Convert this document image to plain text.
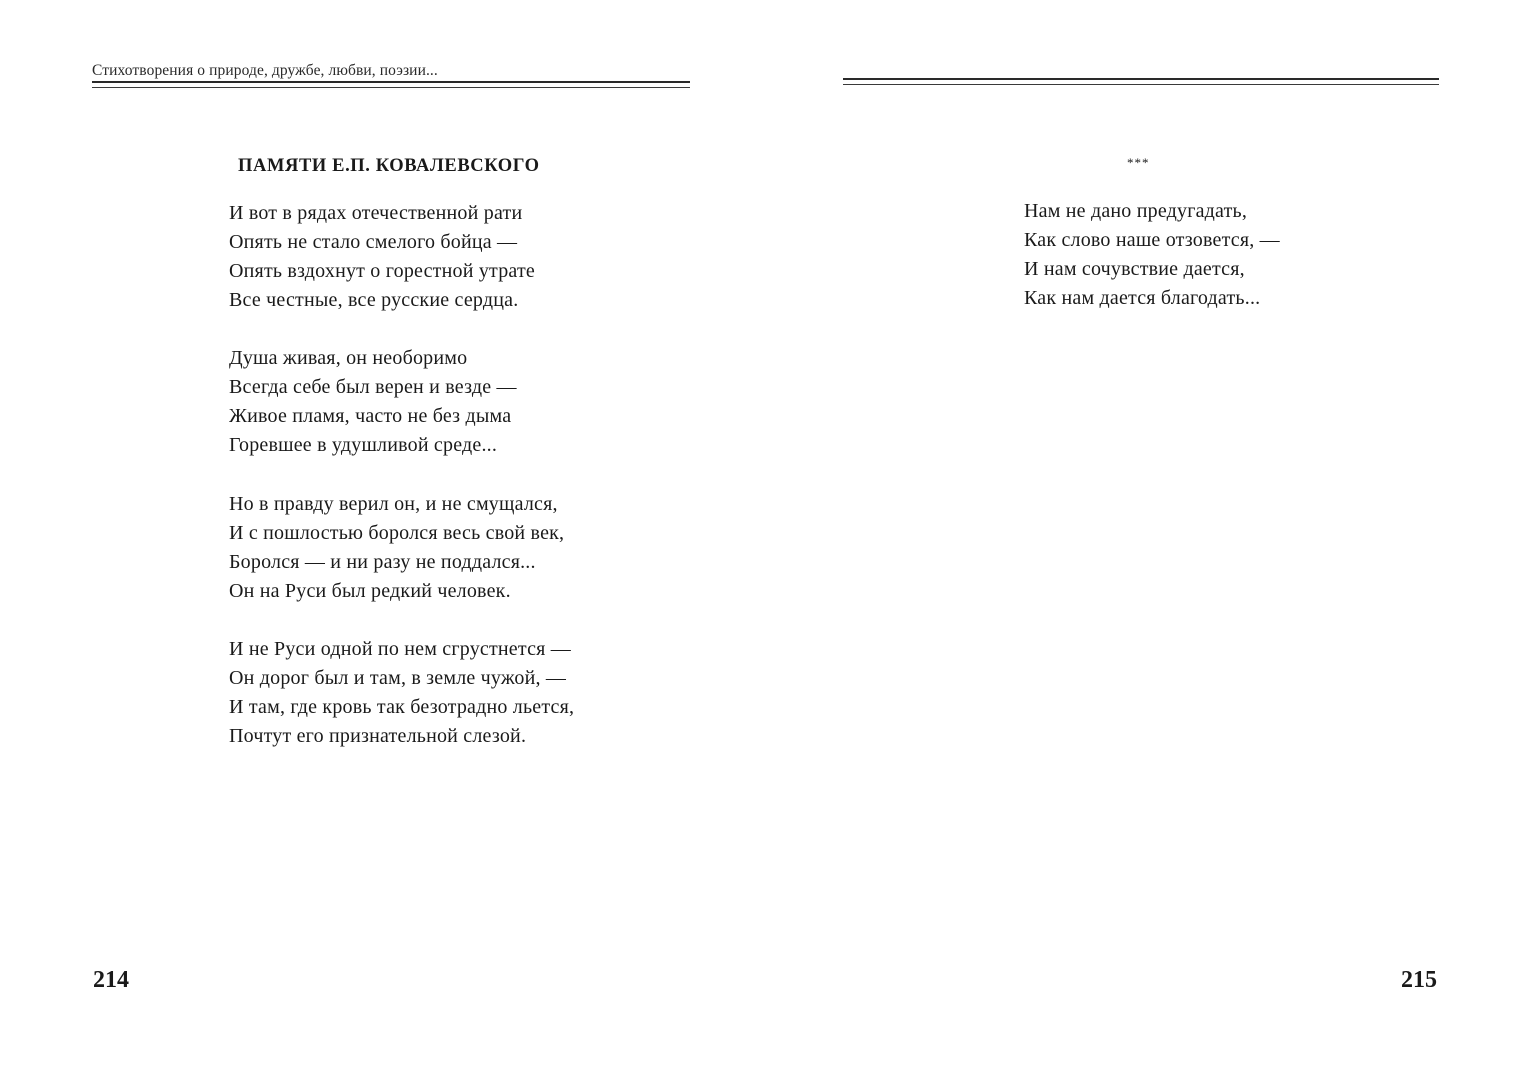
Стихотворения о природе, дружбе, любви, поэзии...
ПАМЯТИ Е.П. КОВАЛЕВСКОГО
И вот в рядах отечественной рати
Опять не стало смелого бойца —
Опять вздохнут о горестной утрате
Все честные, все русские сердца.
Душа живая, он необоримо
Всегда себе был верен и везде —
Живое пламя, часто не без дыма
Горевшее в удушливой среде...
Но в правду верил он, и не смущался,
И с пошлостью боролся весь свой век,
Боролся — и ни разу не поддался...
Он на Руси был редкий человек.
И не Руси одной по нем сгрустнется —
Он дорог был и там, в земле чужой, —
И там, где кровь так безотрадно льется,
Почтут его признательной слезой.
214
***
Нам не дано предугадать,
Как слово наше отзовется, —
И нам сочувствие дается,
Как нам дается благодать...
215
